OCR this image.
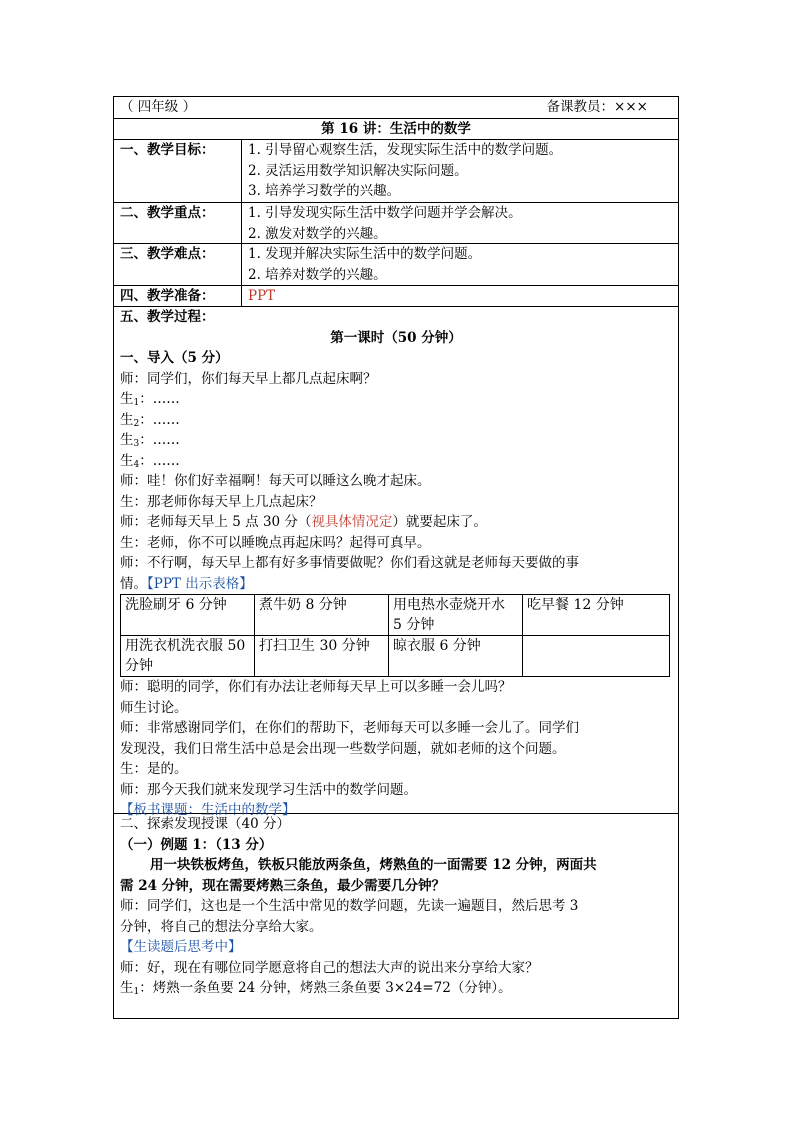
（ 四年级 ）	备课教员：×××
第 16 讲：生活中的数学
一、教学目标：	1. 引导留心观察生活，发现实际生活中的数学问题。
2. 灵活运用数学知识解决实际问题。
3. 培养学习数学的兴趣。
二、教学重点：	1. 引导发现实际生活中数学问题并学会解决。
2. 激发对数学的兴趣。
三、教学难点：	1. 发现并解决实际生活中的数学问题。
2. 培养对数学的兴趣。
四、教学准备：	PPT
五、教学过程：
第一课时（50 分钟）
一、导入（5 分）
师：同学们，你们每天早上都几点起床啊？
生$_1$：……
生$_2$：……
生$_3$：……
生$_4$：……
师：哇！你们好幸福啊！每天可以睡这么晚才起床。
生：那老师你每天早上几点起床？
师：老师每天早上 5 点 30 分（视具体情况定）就要起床了。
生：老师，你不可以睡晚点再起床吗？起得可真早。
师：不行啊，每天早上都有好多事情要做呢？你们看这就是老师每天要做的事
情。【PPT 出示表格】
洗脸刷牙 6 分钟	煮牛奶 8 分钟	用电热水壶烧开水 5 分钟	吃早餐 12 分钟
用洗衣机洗衣服 50 分钟	打扫卫生 30 分钟	晾衣服 6 分钟	
师：聪明的同学，你们有办法让老师每天早上可以多睡一会儿吗？
师生讨论。
师：非常感谢同学们，在你们的帮助下，老师每天可以多睡一会儿了。同学们
发现没，我们日常生活中总是会出现一些数学问题，就如老师的这个问题。
生：是的。
师：那今天我们就来发现学习生活中的数学问题。
【板书课题：生活中的数学】
二、探索发现授课（40 分）
（一）例题 1：（13 分）
用一块铁板烤鱼，铁板只能放两条鱼，烤熟鱼的一面需要 12 分钟，两面共
需 24 分钟，现在需要烤熟三条鱼，最少需要几分钟？
师：同学们，这也是一个生活中常见的数学问题，先读一遍题目，然后思考 3
分钟，将自己的想法分享给大家。
【生读题后思考中】
师：好，现在有哪位同学愿意将自己的想法大声的说出来分享给大家？
生$_1$：烤熟一条鱼要 24 分钟，烤熟三条鱼要 3×24=72（分钟）。
